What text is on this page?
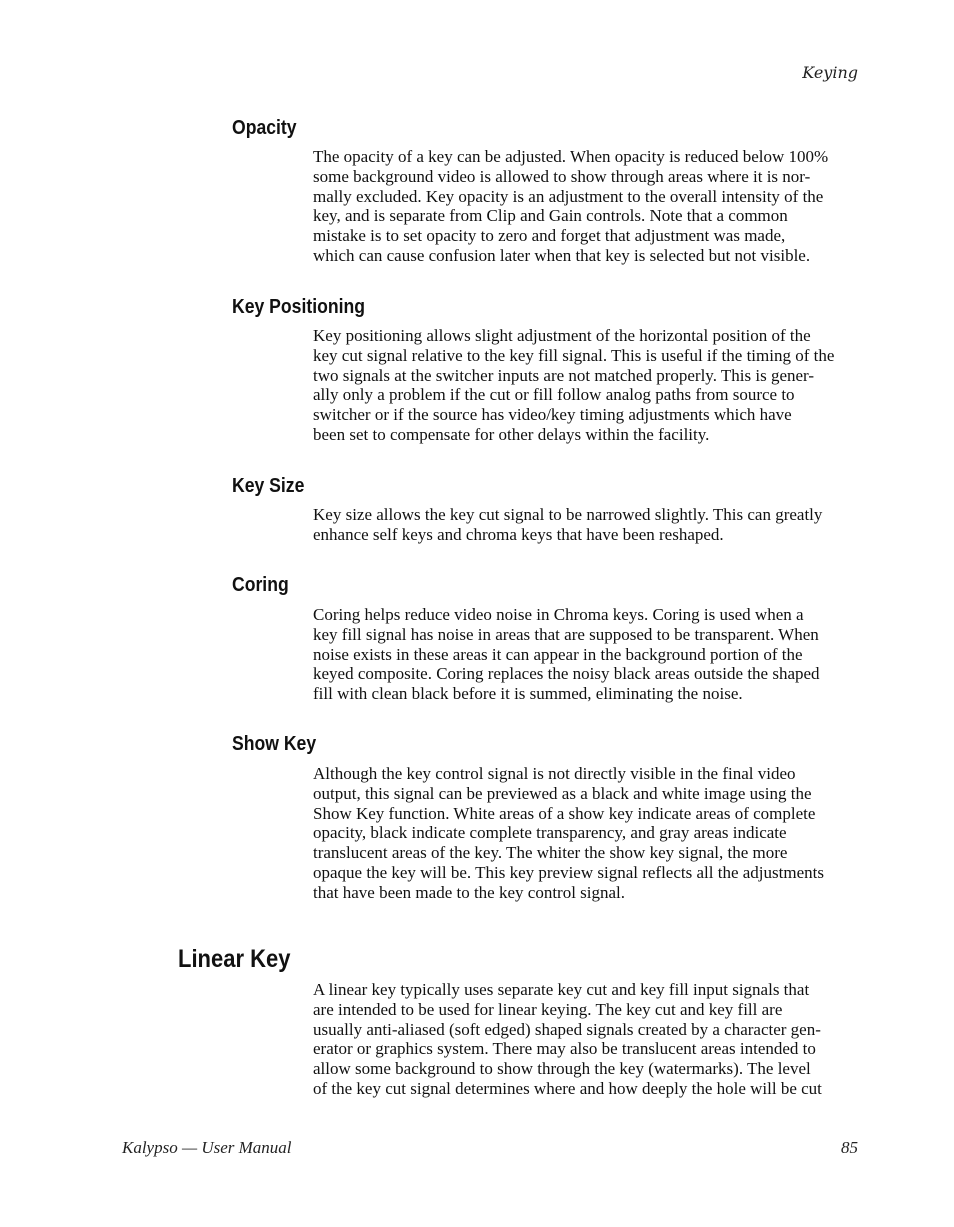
Keying
Opacity
The opacity of a key can be adjusted. When opacity is reduced below 100%
some background video is allowed to show through areas where it is nor-
mally excluded. Key opacity is an adjustment to the overall intensity of the
key, and is separate from Clip and Gain controls. Note that a common
mistake is to set opacity to zero and forget that adjustment was made,
which can cause confusion later when that key is selected but not visible.
Key Positioning
Key positioning allows slight adjustment of the horizontal position of the
key cut signal relative to the key fill signal. This is useful if the timing of the
two signals at the switcher inputs are not matched properly. This is gener-
ally only a problem if the cut or fill follow analog paths from source to
switcher or if the source has video/key timing adjustments which have
been set to compensate for other delays within the facility.
Key Size
Key size allows the key cut signal to be narrowed slightly. This can greatly
enhance self keys and chroma keys that have been reshaped.
Coring
Coring helps reduce video noise in Chroma keys. Coring is used when a
key fill signal has noise in areas that are supposed to be transparent. When
noise exists in these areas it can appear in the background portion of the
keyed composite. Coring replaces the noisy black areas outside the shaped
fill with clean black before it is summed, eliminating the noise.
Show Key
Although the key control signal is not directly visible in the final video
output, this signal can be previewed as a black and white image using the
Show Key function. White areas of a show key indicate areas of complete
opacity, black indicate complete transparency, and gray areas indicate
translucent areas of the key. The whiter the show key signal, the more
opaque the key will be. This key preview signal reflects all the adjustments
that have been made to the key control signal.
Linear Key
A linear key typically uses separate key cut and key fill input signals that
are intended to be used for linear keying. The key cut and key fill are
usually anti-aliased (soft edged) shaped signals created by a character gen-
erator or graphics system. There may also be translucent areas intended to
allow some background to show through the key (watermarks). The level
of the key cut signal determines where and how deeply the hole will be cut
Kalypso — User Manual	85
